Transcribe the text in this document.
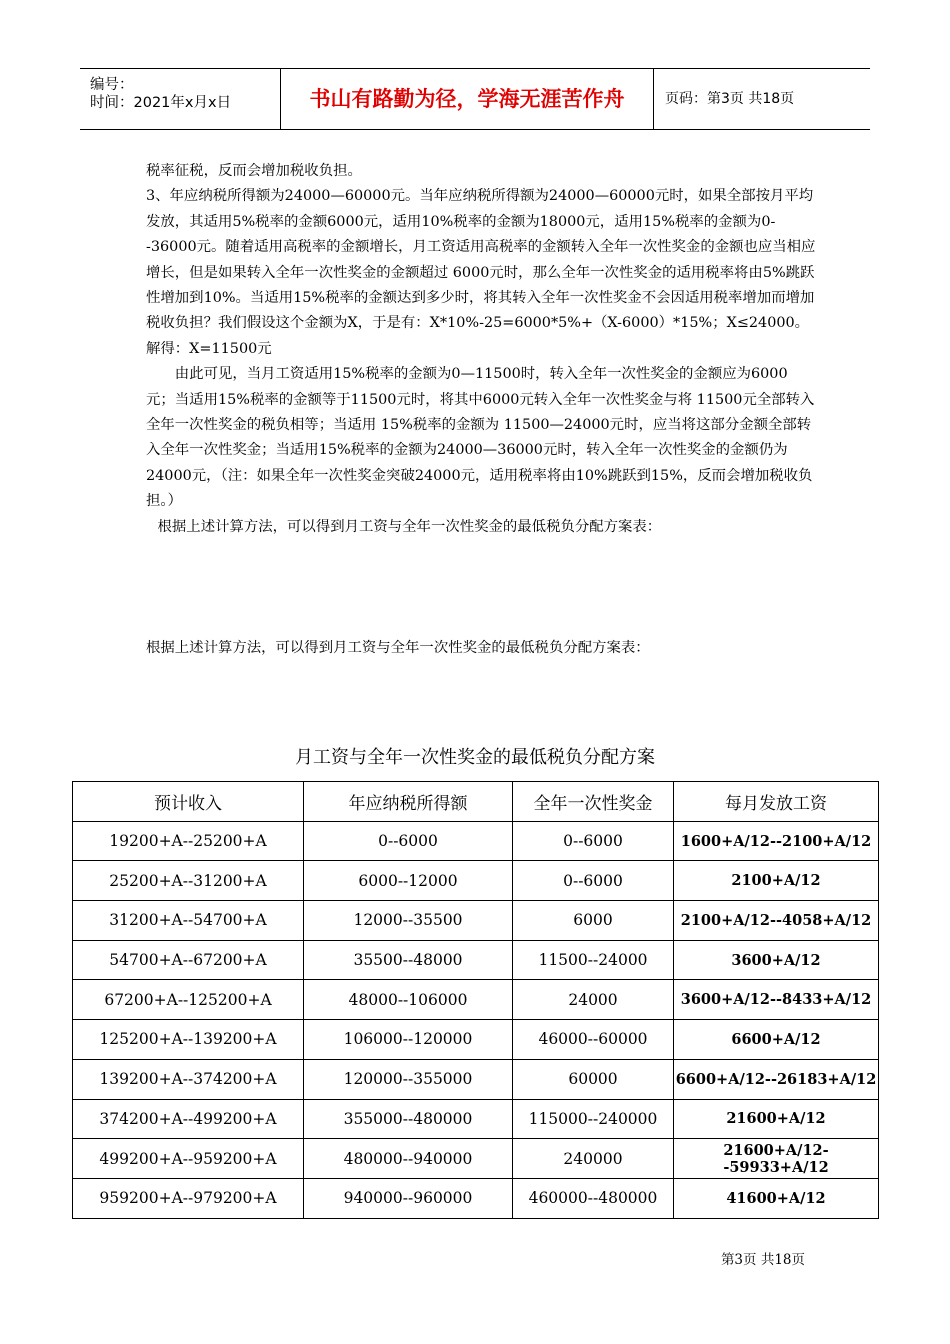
编号：
时间：2021年x月x日	书山有路勤为径，学海无涯苦作舟	页码：第3页 共18页

税率征税，反而会增加税收负担。

3、年应纳税所得额为24000—60000元。当年应纳税所得额为24000—60000元时，如果全部按月平均发放，其适用5%税率的金额6000元，适用10%税率的金额为18000元，适用15%税率的金额为0--36000元。随着适用高税率的金额增长，月工资适用高税率的金额转入全年一次性奖金的金额也应当相应增长，但是如果转入全年一次性奖金的金额超过 6000元时，那么全年一次性奖金的适用税率将由5%跳跃性增加到10%。当适用15%税率的金额达到多少时，将其转入全年一次性奖金不会因适用税率增加而增加税收负担？我们假设这个金额为X，于是有：X*10%-25=6000*5%+（X-6000）*15%；X≤24000。

解得：X=11500元

由此可见，当月工资适用15%税率的金额为0—11500时，转入全年一次性奖金的金额应为6000元；当适用15%税率的金额等于11500元时，将其中6000元转入全年一次性奖金与将 11500元全部转入全年一次性奖金的税负相等；当适用 15%税率的金额为 11500—24000元时，应当将这部分金额全部转入全年一次性奖金；当适用15%税率的金额为24000—36000元时，转入全年一次性奖金的金额仍为24000元，（注：如果全年一次性奖金突破24000元，适用税率将由10%跳跃到15%，反而会增加税收负担。）

根据上述计算方法，可以得到月工资与全年一次性奖金的最低税负分配方案表：

根据上述计算方法，可以得到月工资与全年一次性奖金的最低税负分配方案表：
月工资与全年一次性奖金的最低税负分配方案
预计收入	年应纳税所得额	全年一次性奖金	每月发放工资
19200+A--25200+A	0--6000	0--6000	1600+A/12--2100+A/12
25200+A--31200+A	6000--12000	0--6000	2100+A/12
31200+A--54700+A	12000--35500	6000	2100+A/12--4058+A/12
54700+A--67200+A	35500--48000	11500--24000	3600+A/12
67200+A--125200+A	48000--106000	24000	3600+A/12--8433+A/12
125200+A--139200+A	106000--120000	46000--60000	6600+A/12
139200+A--374200+A	120000--355000	60000	6600+A/12--26183+A/12
374200+A--499200+A	355000--480000	115000--240000	21600+A/12
499200+A--959200+A	480000--940000	240000	21600+A/12--59933+A/12
959200+A--979200+A	940000--960000	460000--480000	41600+A/12
第3页 共18页
